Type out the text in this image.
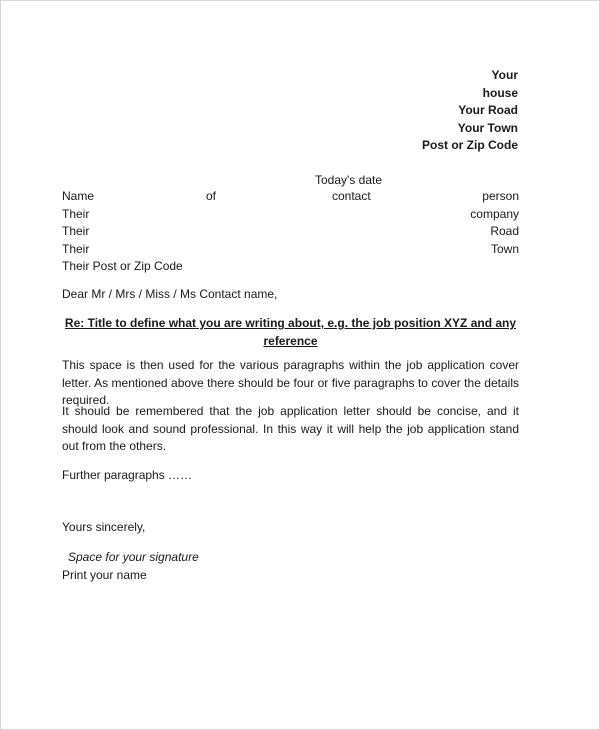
Your
house
Your Road
Your Town
Post or Zip Code
Today's date
Name	of	contact	person
Their	company
Their	Road
Their	Town
Their Post or Zip Code
Dear Mr / Mrs / Miss / Ms Contact name,
Re: Title to define what you are writing about, e.g. the job position XYZ and any reference
This space is then used for the various paragraphs within the job application cover letter. As mentioned above there should be four or five paragraphs to cover the details required.
It should be remembered that the job application letter should be concise, and it should look and sound professional. In this way it will help the job application stand out from the others.
Further paragraphs ……
Yours sincerely,
Space for your signature
Print your name
